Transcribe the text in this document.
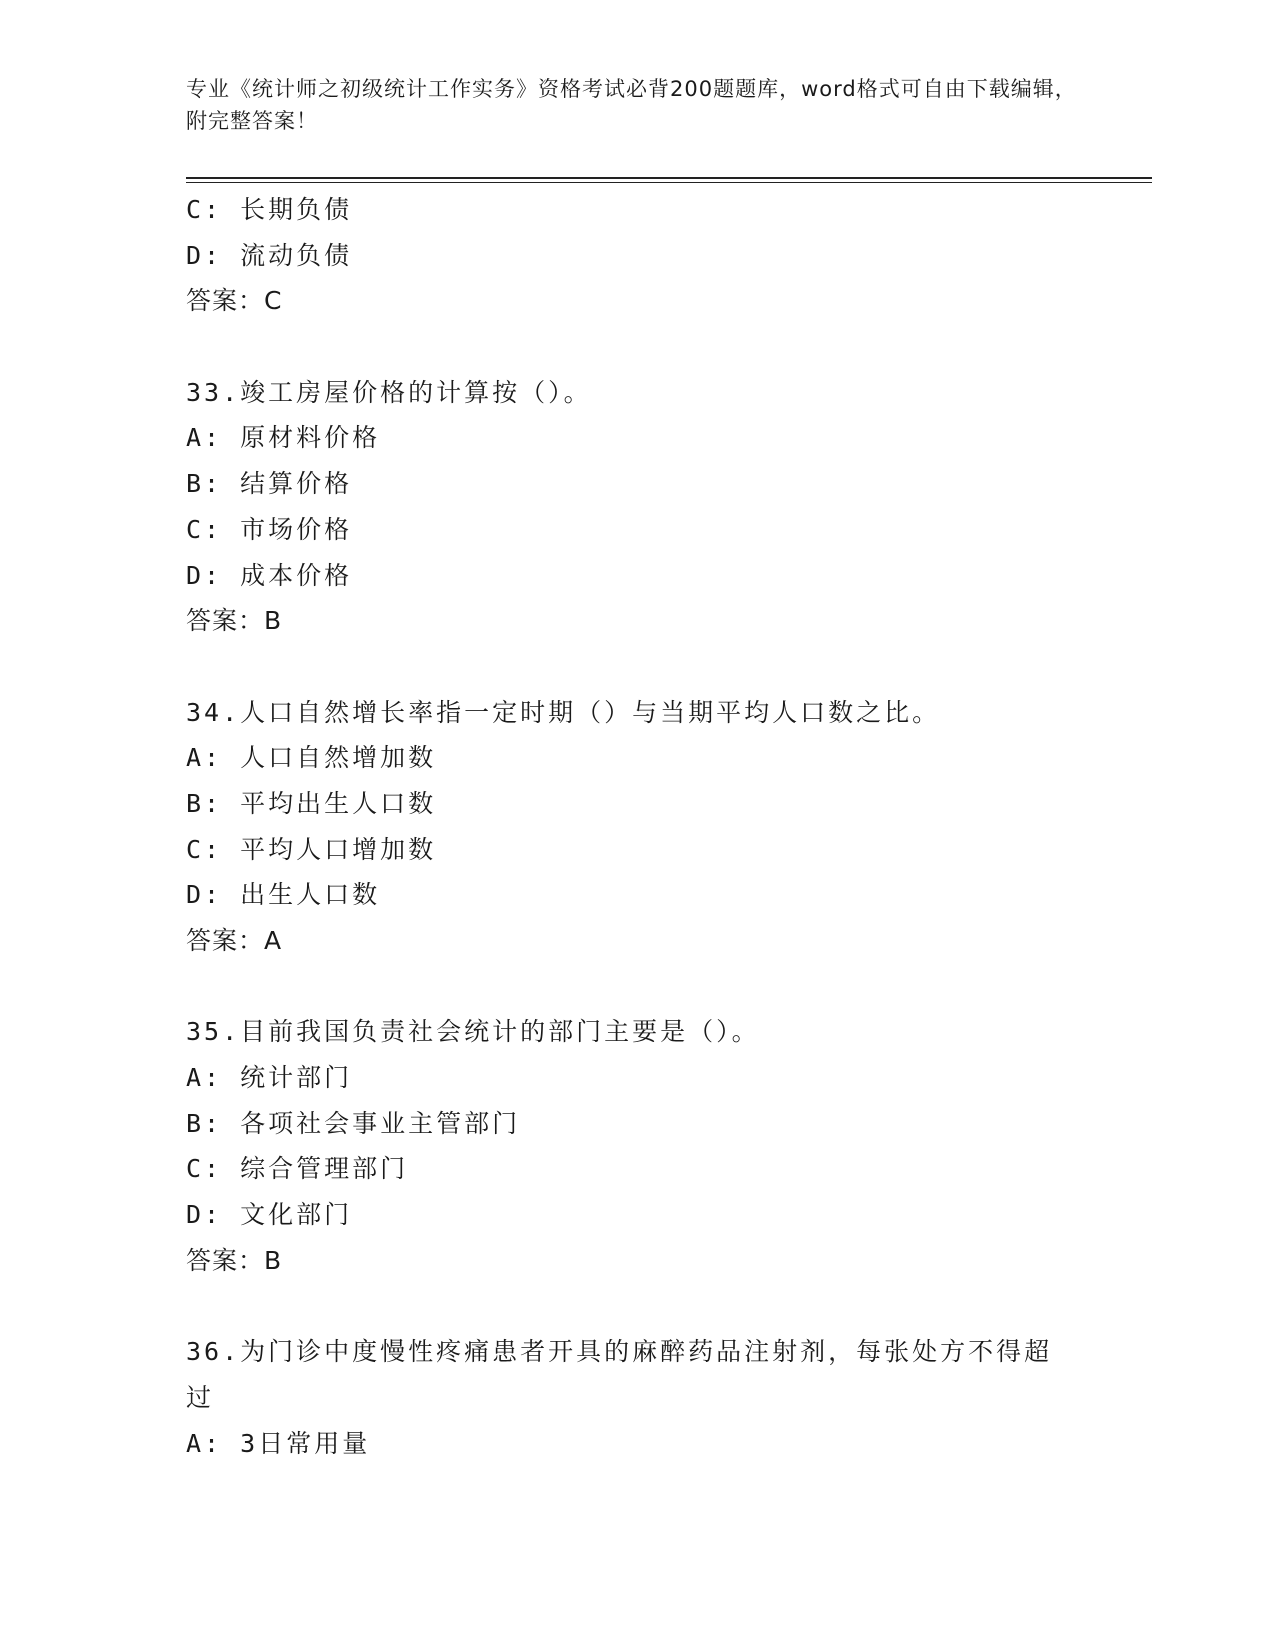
专业《统计师之初级统计工作实务》资格考试必背200题题库，word格式可自由下载编辑，附完整答案！
C: 长期负债
D: 流动负债
答案：C
33.竣工房屋价格的计算按（）。
A: 原材料价格
B: 结算价格
C: 市场价格
D: 成本价格
答案：B
34.人口自然增长率指一定时期（）与当期平均人口数之比。
A: 人口自然增加数
B: 平均出生人口数
C: 平均人口增加数
D: 出生人口数
答案：A
35.目前我国负责社会统计的部门主要是（）。
A: 统计部门
B: 各项社会事业主管部门
C: 综合管理部门
D: 文化部门
答案：B
36.为门诊中度慢性疼痛患者开具的麻醉药品注射剂，每张处方不得超
过
A: 3日常用量
